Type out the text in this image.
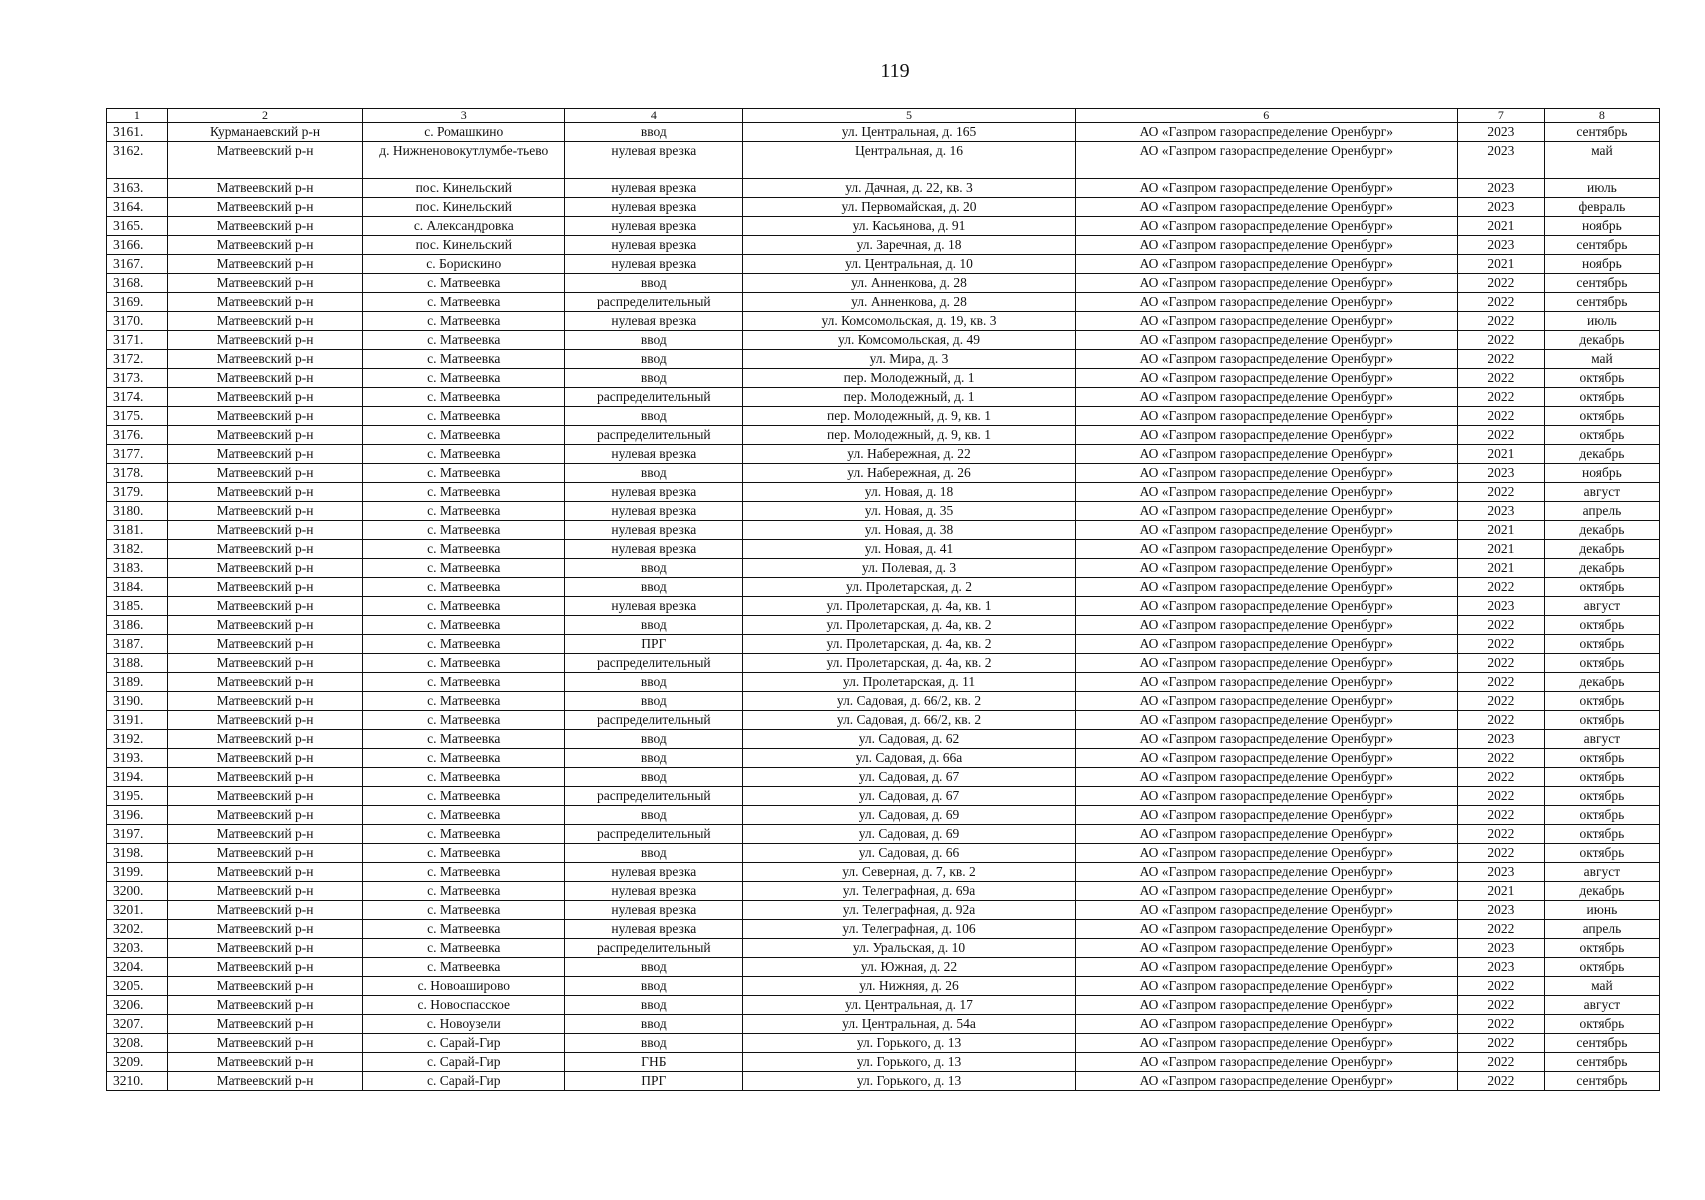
119
1	2	3	4	5	6	7	8
3161.	Курманаевский р-н	с. Ромашкино	ввод	ул. Центральная, д. 165	АО «Газпром газораспределение Оренбург»	2023	сентябрь
3162.	Матвеевский р-н	д. Нижненовокутлумбе-тьево	нулевая врезка	Центральная, д. 16	АО «Газпром газораспределение Оренбург»	2023	май
3163.	Матвеевский р-н	пос. Кинельский	нулевая врезка	ул. Дачная, д. 22, кв. 3	АО «Газпром газораспределение Оренбург»	2023	июль
3164.	Матвеевский р-н	пос. Кинельский	нулевая врезка	ул. Первомайская, д. 20	АО «Газпром газораспределение Оренбург»	2023	февраль
3165.	Матвеевский р-н	с. Александровка	нулевая врезка	ул. Касьянова, д. 91	АО «Газпром газораспределение Оренбург»	2021	ноябрь
3166.	Матвеевский р-н	пос. Кинельский	нулевая врезка	ул. Заречная, д. 18	АО «Газпром газораспределение Оренбург»	2023	сентябрь
3167.	Матвеевский р-н	с. Борискино	нулевая врезка	ул. Центральная, д. 10	АО «Газпром газораспределение Оренбург»	2021	ноябрь
3168.	Матвеевский р-н	с. Матвеевка	ввод	ул. Анненкова, д. 28	АО «Газпром газораспределение Оренбург»	2022	сентябрь
3169.	Матвеевский р-н	с. Матвеевка	распределительный	ул. Анненкова, д. 28	АО «Газпром газораспределение Оренбург»	2022	сентябрь
3170.	Матвеевский р-н	с. Матвеевка	нулевая врезка	ул. Комсомольская, д. 19, кв. 3	АО «Газпром газораспределение Оренбург»	2022	июль
3171.	Матвеевский р-н	с. Матвеевка	ввод	ул. Комсомольская, д. 49	АО «Газпром газораспределение Оренбург»	2022	декабрь
3172.	Матвеевский р-н	с. Матвеевка	ввод	ул. Мира, д. 3	АО «Газпром газораспределение Оренбург»	2022	май
3173.	Матвеевский р-н	с. Матвеевка	ввод	пер. Молодежный, д. 1	АО «Газпром газораспределение Оренбург»	2022	октябрь
3174.	Матвеевский р-н	с. Матвеевка	распределительный	пер. Молодежный, д. 1	АО «Газпром газораспределение Оренбург»	2022	октябрь
3175.	Матвеевский р-н	с. Матвеевка	ввод	пер. Молодежный, д. 9, кв. 1	АО «Газпром газораспределение Оренбург»	2022	октябрь
3176.	Матвеевский р-н	с. Матвеевка	распределительный	пер. Молодежный, д. 9, кв. 1	АО «Газпром газораспределение Оренбург»	2022	октябрь
3177.	Матвеевский р-н	с. Матвеевка	нулевая врезка	ул. Набережная, д. 22	АО «Газпром газораспределение Оренбург»	2021	декабрь
3178.	Матвеевский р-н	с. Матвеевка	ввод	ул. Набережная, д. 26	АО «Газпром газораспределение Оренбург»	2023	ноябрь
3179.	Матвеевский р-н	с. Матвеевка	нулевая врезка	ул. Новая, д. 18	АО «Газпром газораспределение Оренбург»	2022	август
3180.	Матвеевский р-н	с. Матвеевка	нулевая врезка	ул. Новая, д. 35	АО «Газпром газораспределение Оренбург»	2023	апрель
3181.	Матвеевский р-н	с. Матвеевка	нулевая врезка	ул. Новая, д. 38	АО «Газпром газораспределение Оренбург»	2021	декабрь
3182.	Матвеевский р-н	с. Матвеевка	нулевая врезка	ул. Новая, д. 41	АО «Газпром газораспределение Оренбург»	2021	декабрь
3183.	Матвеевский р-н	с. Матвеевка	ввод	ул. Полевая, д. 3	АО «Газпром газораспределение Оренбург»	2021	декабрь
3184.	Матвеевский р-н	с. Матвеевка	ввод	ул. Пролетарская, д. 2	АО «Газпром газораспределение Оренбург»	2022	октябрь
3185.	Матвеевский р-н	с. Матвеевка	нулевая врезка	ул. Пролетарская, д. 4а, кв. 1	АО «Газпром газораспределение Оренбург»	2023	август
3186.	Матвеевский р-н	с. Матвеевка	ввод	ул. Пролетарская, д. 4а, кв. 2	АО «Газпром газораспределение Оренбург»	2022	октябрь
3187.	Матвеевский р-н	с. Матвеевка	ПРГ	ул. Пролетарская, д. 4а, кв. 2	АО «Газпром газораспределение Оренбург»	2022	октябрь
3188.	Матвеевский р-н	с. Матвеевка	распределительный	ул. Пролетарская, д. 4а, кв. 2	АО «Газпром газораспределение Оренбург»	2022	октябрь
3189.	Матвеевский р-н	с. Матвеевка	ввод	ул. Пролетарская, д. 11	АО «Газпром газораспределение Оренбург»	2022	декабрь
3190.	Матвеевский р-н	с. Матвеевка	ввод	ул. Садовая, д. 66/2, кв. 2	АО «Газпром газораспределение Оренбург»	2022	октябрь
3191.	Матвеевский р-н	с. Матвеевка	распределительный	ул. Садовая, д. 66/2, кв. 2	АО «Газпром газораспределение Оренбург»	2022	октябрь
3192.	Матвеевский р-н	с. Матвеевка	ввод	ул. Садовая, д. 62	АО «Газпром газораспределение Оренбург»	2023	август
3193.	Матвеевский р-н	с. Матвеевка	ввод	ул. Садовая, д. 66а	АО «Газпром газораспределение Оренбург»	2022	октябрь
3194.	Матвеевский р-н	с. Матвеевка	ввод	ул. Садовая, д. 67	АО «Газпром газораспределение Оренбург»	2022	октябрь
3195.	Матвеевский р-н	с. Матвеевка	распределительный	ул. Садовая, д. 67	АО «Газпром газораспределение Оренбург»	2022	октябрь
3196.	Матвеевский р-н	с. Матвеевка	ввод	ул. Садовая, д. 69	АО «Газпром газораспределение Оренбург»	2022	октябрь
3197.	Матвеевский р-н	с. Матвеевка	распределительный	ул. Садовая, д. 69	АО «Газпром газораспределение Оренбург»	2022	октябрь
3198.	Матвеевский р-н	с. Матвеевка	ввод	ул. Садовая, д. 66	АО «Газпром газораспределение Оренбург»	2022	октябрь
3199.	Матвеевский р-н	с. Матвеевка	нулевая врезка	ул. Северная, д. 7, кв. 2	АО «Газпром газораспределение Оренбург»	2023	август
3200.	Матвеевский р-н	с. Матвеевка	нулевая врезка	ул. Телеграфная, д. 69а	АО «Газпром газораспределение Оренбург»	2021	декабрь
3201.	Матвеевский р-н	с. Матвеевка	нулевая врезка	ул. Телеграфная, д. 92а	АО «Газпром газораспределение Оренбург»	2023	июнь
3202.	Матвеевский р-н	с. Матвеевка	нулевая врезка	ул. Телеграфная, д. 106	АО «Газпром газораспределение Оренбург»	2022	апрель
3203.	Матвеевский р-н	с. Матвеевка	распределительный	ул. Уральская, д. 10	АО «Газпром газораспределение Оренбург»	2023	октябрь
3204.	Матвеевский р-н	с. Матвеевка	ввод	ул. Южная, д. 22	АО «Газпром газораспределение Оренбург»	2023	октябрь
3205.	Матвеевский р-н	с. Новоаширово	ввод	ул. Нижняя, д. 26	АО «Газпром газораспределение Оренбург»	2022	май
3206.	Матвеевский р-н	с. Новоспасское	ввод	ул. Центральная, д. 17	АО «Газпром газораспределение Оренбург»	2022	август
3207.	Матвеевский р-н	с. Новоузели	ввод	ул. Центральная, д. 54а	АО «Газпром газораспределение Оренбург»	2022	октябрь
3208.	Матвеевский р-н	с. Сарай-Гир	ввод	ул. Горького, д. 13	АО «Газпром газораспределение Оренбург»	2022	сентябрь
3209.	Матвеевский р-н	с. Сарай-Гир	ГНБ	ул. Горького, д. 13	АО «Газпром газораспределение Оренбург»	2022	сентябрь
3210.	Матвеевский р-н	с. Сарай-Гир	ПРГ	ул. Горького, д. 13	АО «Газпром газораспределение Оренбург»	2022	сентябрь
